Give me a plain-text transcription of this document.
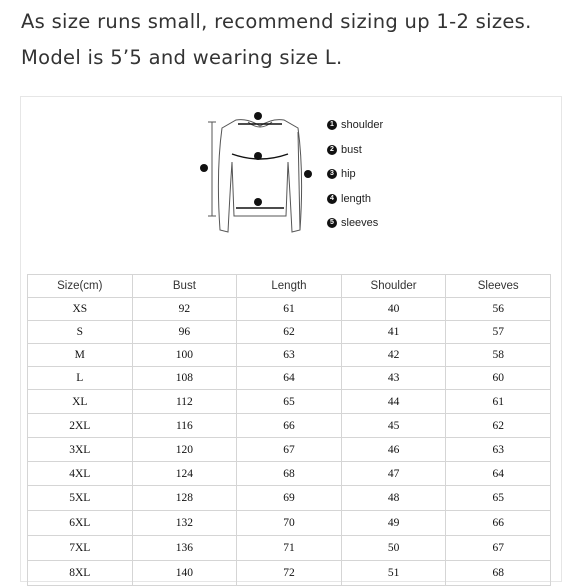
As size runs small, recommend sizing up 1-2 sizes.
Model is 5’5 and wearing size L.
1 shoulder
2 bust
3 hip
4 length
5 sleeves
Size(cm)	Bust	Length	Shoulder	Sleeves
XS	92	61	40	56
S	96	62	41	57
M	100	63	42	58
L	108	64	43	60
XL	112	65	44	61
2XL	116	66	45	62
3XL	120	67	46	63
4XL	124	68	47	64
5XL	128	69	48	65
6XL	132	70	49	66
7XL	136	71	50	67
8XL	140	72	51	68
